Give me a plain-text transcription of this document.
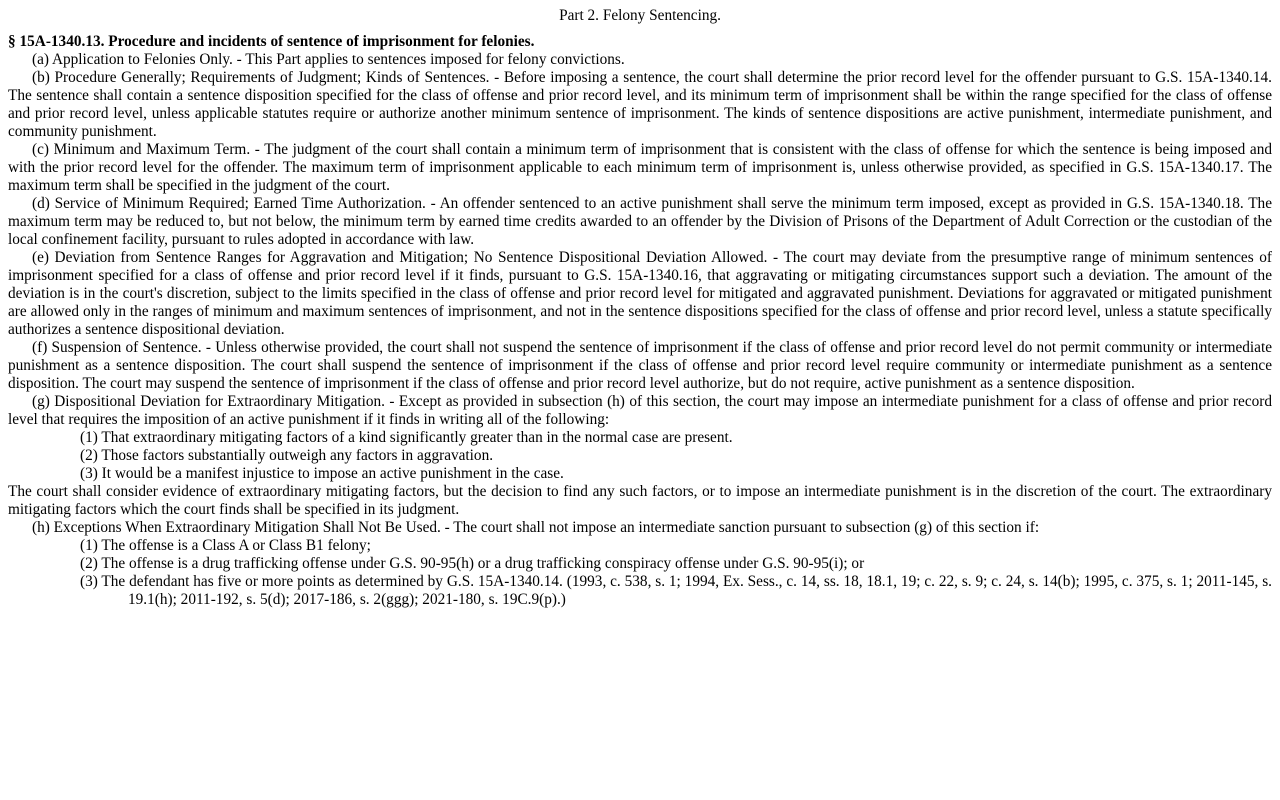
Part 2. Felony Sentencing.

§ 15A-1340.13. Procedure and incidents of sentence of imprisonment for felonies.

(a) Application to Felonies Only. - This Part applies to sentences imposed for felony convictions.

(b) Procedure Generally; Requirements of Judgment; Kinds of Sentences. - Before imposing a sentence, the court shall determine the prior record level for the offender pursuant to G.S. 15A-1340.14. The sentence shall contain a sentence disposition specified for the class of offense and prior record level, and its minimum term of imprisonment shall be within the range specified for the class of offense and prior record level, unless applicable statutes require or authorize another minimum sentence of imprisonment. The kinds of sentence dispositions are active punishment, intermediate punishment, and community punishment.

(c) Minimum and Maximum Term. - The judgment of the court shall contain a minimum term of imprisonment that is consistent with the class of offense for which the sentence is being imposed and with the prior record level for the offender. The maximum term of imprisonment applicable to each minimum term of imprisonment is, unless otherwise provided, as specified in G.S. 15A-1340.17. The maximum term shall be specified in the judgment of the court.

(d) Service of Minimum Required; Earned Time Authorization. - An offender sentenced to an active punishment shall serve the minimum term imposed, except as provided in G.S. 15A-1340.18. The maximum term may be reduced to, but not below, the minimum term by earned time credits awarded to an offender by the Division of Prisons of the Department of Adult Correction or the custodian of the local confinement facility, pursuant to rules adopted in accordance with law.

(e) Deviation from Sentence Ranges for Aggravation and Mitigation; No Sentence Dispositional Deviation Allowed. - The court may deviate from the presumptive range of minimum sentences of imprisonment specified for a class of offense and prior record level if it finds, pursuant to G.S. 15A-1340.16, that aggravating or mitigating circumstances support such a deviation. The amount of the deviation is in the court's discretion, subject to the limits specified in the class of offense and prior record level for mitigated and aggravated punishment. Deviations for aggravated or mitigated punishment are allowed only in the ranges of minimum and maximum sentences of imprisonment, and not in the sentence dispositions specified for the class of offense and prior record level, unless a statute specifically authorizes a sentence dispositional deviation.

(f) Suspension of Sentence. - Unless otherwise provided, the court shall not suspend the sentence of imprisonment if the class of offense and prior record level do not permit community or intermediate punishment as a sentence disposition. The court shall suspend the sentence of imprisonment if the class of offense and prior record level require community or intermediate punishment as a sentence disposition. The court may suspend the sentence of imprisonment if the class of offense and prior record level authorize, but do not require, active punishment as a sentence disposition.

(g) Dispositional Deviation for Extraordinary Mitigation. - Except as provided in subsection (h) of this section, the court may impose an intermediate punishment for a class of offense and prior record level that requires the imposition of an active punishment if it finds in writing all of the following:

(1) That extraordinary mitigating factors of a kind significantly greater than in the normal case are present.

(2) Those factors substantially outweigh any factors in aggravation.

(3) It would be a manifest injustice to impose an active punishment in the case.

The court shall consider evidence of extraordinary mitigating factors, but the decision to find any such factors, or to impose an intermediate punishment is in the discretion of the court. The extraordinary mitigating factors which the court finds shall be specified in its judgment.

(h) Exceptions When Extraordinary Mitigation Shall Not Be Used. - The court shall not impose an intermediate sanction pursuant to subsection (g) of this section if:

(1) The offense is a Class A or Class B1 felony;

(2) The offense is a drug trafficking offense under G.S. 90-95(h) or a drug trafficking conspiracy offense under G.S. 90-95(i); or

(3) The defendant has five or more points as determined by G.S. 15A-1340.14. (1993, c. 538, s. 1; 1994, Ex. Sess., c. 14, ss. 18, 18.1, 19; c. 22, s. 9; c. 24, s. 14(b); 1995, c. 375, s. 1; 2011-145, s. 19.1(h); 2011-192, s. 5(d); 2017-186, s. 2(ggg); 2021-180, s. 19C.9(p).)
